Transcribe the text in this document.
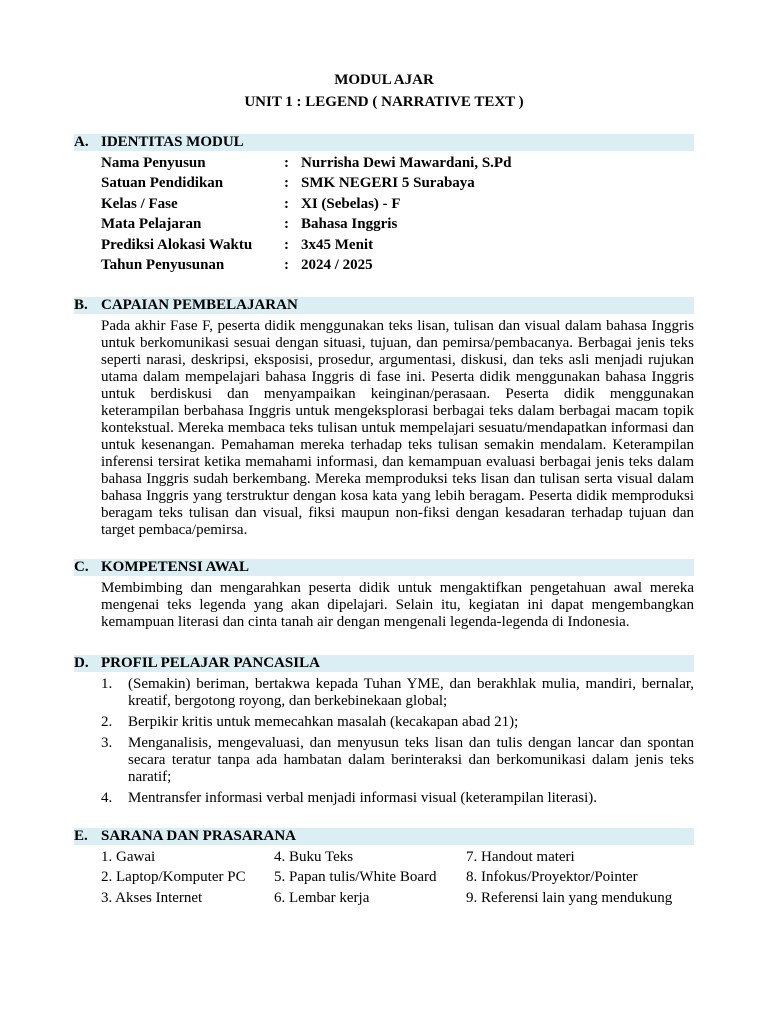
MODUL AJAR
UNIT 1 : LEGEND ( NARRATIVE TEXT )
A. IDENTITAS MODUL
Nama Penyusun	: Nurrisha Dewi Mawardani, S.Pd
Satuan Pendidikan	: SMK NEGERI 5 Surabaya
Kelas / Fase	: XI (Sebelas) - F
Mata Pelajaran	: Bahasa Inggris
Prediksi Alokasi Waktu : 3x45 Menit
Tahun Penyusunan	: 2024 / 2025
B. CAPAIAN PEMBELAJARAN

Pada akhir Fase F, peserta didik menggunakan teks lisan, tulisan dan visual dalam bahasa Inggris untuk berkomunikasi sesuai dengan situasi, tujuan, dan pemirsa/pembacanya. Berbagai jenis teks seperti narasi, deskripsi, eksposisi, prosedur, argumentasi, diskusi, dan teks asli menjadi rujukan utama dalam mempelajari bahasa Inggris di fase ini. Peserta didik menggunakan bahasa Inggris untuk berdiskusi dan menyampaikan keinginan/perasaan. Peserta didik menggunakan keterampilan berbahasa Inggris untuk mengeksplorasi berbagai teks dalam berbagai macam topik kontekstual. Mereka membaca teks tulisan untuk mempelajari sesuatu/mendapatkan informasi dan untuk kesenangan. Pemahaman mereka terhadap teks tulisan semakin mendalam. Keterampilan inferensi tersirat ketika memahami informasi, dan kemampuan evaluasi berbagai jenis teks dalam bahasa Inggris sudah berkembang. Mereka memproduksi teks lisan dan tulisan serta visual dalam bahasa Inggris yang terstruktur dengan kosa kata yang lebih beragam. Peserta didik memproduksi beragam teks tulisan dan visual, fiksi maupun non-fiksi dengan kesadaran terhadap tujuan dan target pembaca/pemirsa.

C. KOMPETENSI AWAL

Membimbing dan mengarahkan peserta didik untuk mengaktifkan pengetahuan awal mereka mengenai teks legenda yang akan dipelajari. Selain itu, kegiatan ini dapat mengembangkan kemampuan literasi dan cinta tanah air dengan mengenali legenda-legenda di Indonesia.

D. PROFIL PELAJAR PANCASILA
1. (Semakin) beriman, bertakwa kepada Tuhan YME, dan berakhlak mulia, mandiri, bernalar, kreatif, bergotong royong, dan berkebinekaan global;
2. Berpikir kritis untuk memecahkan masalah (kecakapan abad 21);
3. Menganalisis, mengevaluasi, dan menyusun teks lisan dan tulis dengan lancar dan spontan secara teratur tanpa ada hambatan dalam berinteraksi dan berkomunikasi dalam jenis teks naratif;
4. Mentransfer informasi verbal menjadi informasi visual (keterampilan literasi).
E. SARANA DAN PRASARANA
1. Gawai	4. Buku Teks	7. Handout materi
2. Laptop/Komputer PC 5. Papan tulis/White Board 8. Infokus/Proyektor/Pointer
3. Akses Internet	6. Lembar kerja	9. Referensi lain yang mendukung
